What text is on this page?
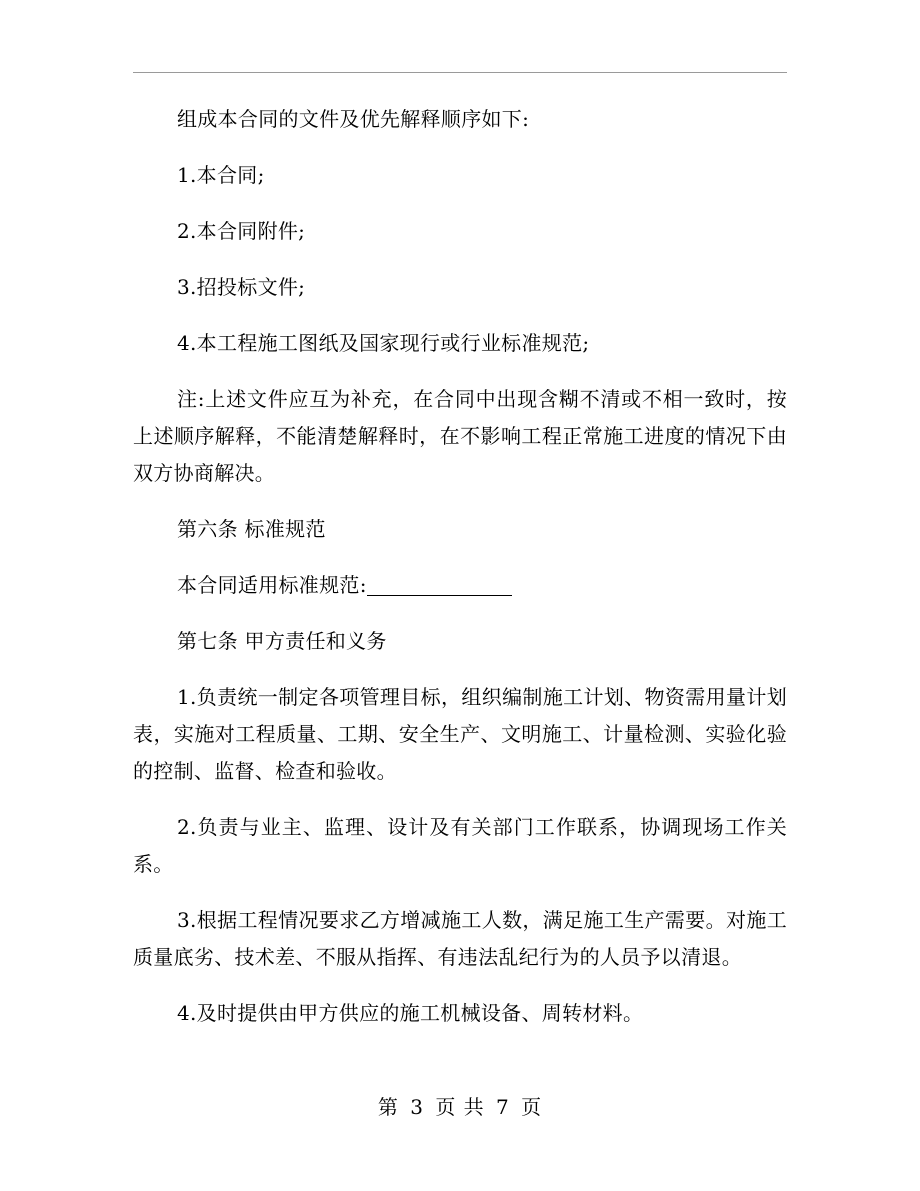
组成本合同的文件及优先解释顺序如下:

1.本合同;

2.本合同附件;

3.招投标文件;

4.本工程施工图纸及国家现行或行业标准规范;

注:上述文件应互为补充，在合同中出现含糊不清或不相一致时，按上述顺序解释，不能清楚解释时，在不影响工程正常施工进度的情况下由双方协商解决。

第六条 标准规范

本合同适用标准规范:

第七条 甲方责任和义务

1.负责统一制定各项管理目标，组织编制施工计划、物资需用量计划表，实施对工程质量、工期、安全生产、文明施工、计量检测、实验化验的控制、监督、检查和验收。

2.负责与业主、监理、设计及有关部门工作联系，协调现场工作关系。

3.根据工程情况要求乙方增减施工人数，满足施工生产需要。对施工质量底劣、技术差、不服从指挥、有违法乱纪行为的人员予以清退。

4.及时提供由甲方供应的施工机械设备、周转材料。

第 3 页 共 7 页
